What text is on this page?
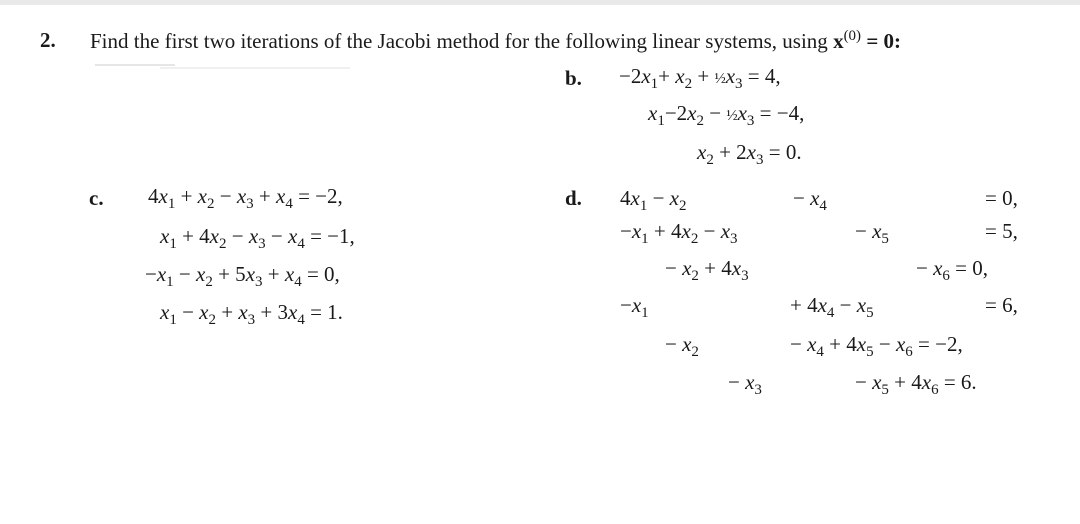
2. Find the first two iterations of the Jacobi method for the following linear systems, using $x^{(0)} = 0$:
b. $-2x_1+ x_2$ + $\frac{1}{2}x_3 = 4$,
$x_1-2x_2$ − $\frac{1}{2}x_3 = -4$,
$x_2 + 2x_3 = 0$.
c. $4x_1 + x_2 - x_3 + x_4 = -2$,
$x_1 + 4x_2 - x_3 - x_4 = -1$,
$-x_1 - x_2 + 5x_3 + x_4 = 0$,
$x_1 - x_2 + x_3 + 3x_4 = 1$.
d. $4x_1 - x_2$	− $x_4$	= 0,
$-x_1 + 4x_2 - x_3$	− $x_5$	= 5,
− $x_2 + 4x_3$	− $x_6 = 0$,
$-x_1$	+ $4x_4 - x_5$	= 6,
− $x_2$	− $x_4 + 4x_5 - x_6 = -2$,
− $x_3$	− $x_5 + 4x_6 = 6$.
